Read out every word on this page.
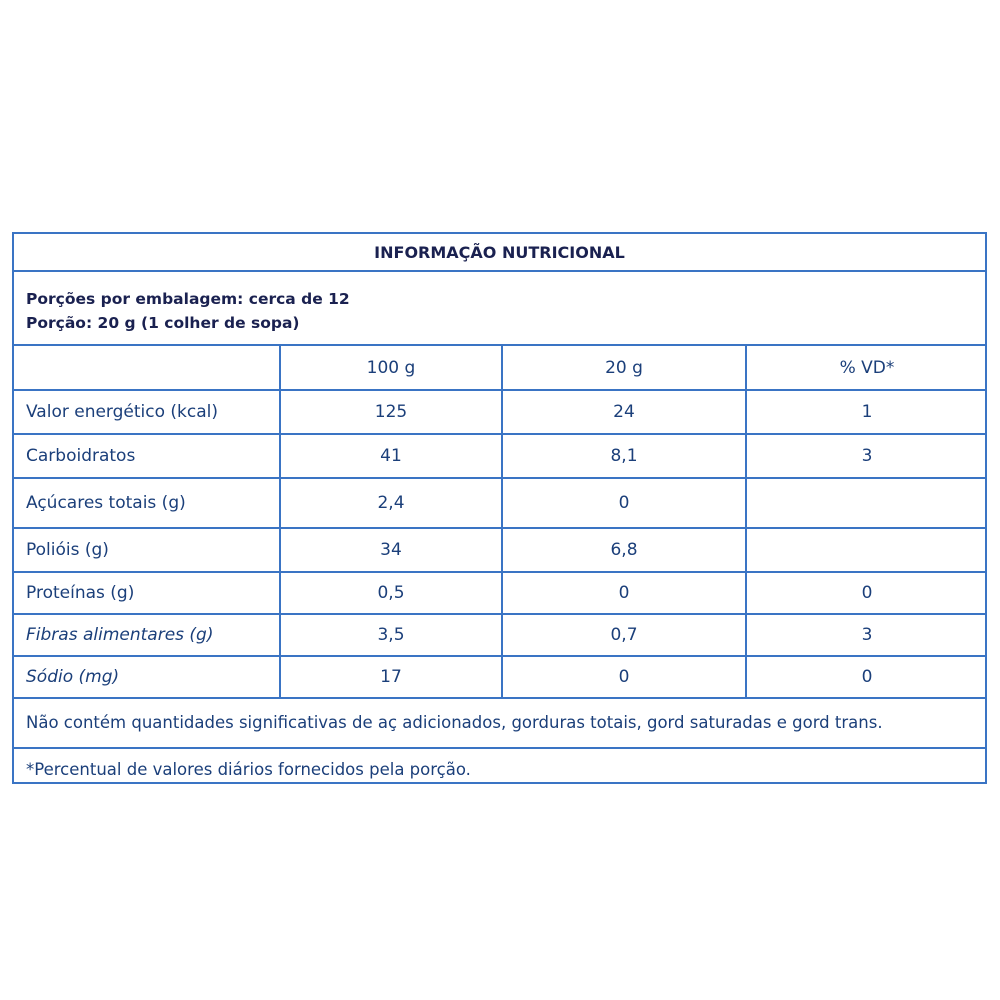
INFORMAÇÃO NUTRICIONAL
Porções por embalagem: cerca de 12
Porção: 20 g (1 colher de sopa)
	100 g	20 g	% VD*
Valor energético (kcal)	125	24	1
Carboidratos	41	8,1	3
Açúcares totais (g)	2,4	0	
Polióis (g)	34	6,8	
Proteínas (g)	0,5	0	0
Fibras alimentares (g)	3,5	0,7	3
Sódio (mg)	17	0	0
Não contém quantidades significativas de aç adicionados, gorduras totais, gord saturadas e gord trans.
*Percentual de valores diários fornecidos pela porção.
